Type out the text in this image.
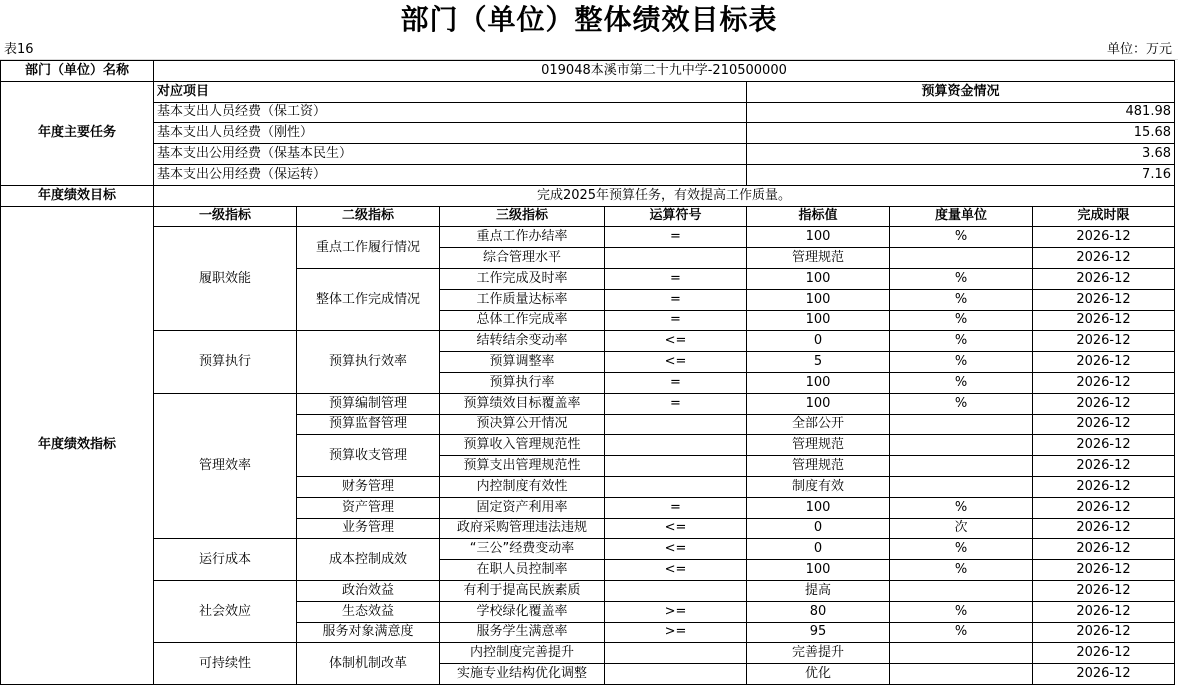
部门（单位）整体绩效目标表
表16	单位：万元
部门（单位）名称	019048本溪市第二十九中学-210500000						
年度主要任务	对应项目				预算资金情况		
	基本支出人员经费（保工资）				481.98		
	基本支出人员经费（刚性）				15.68		
	基本支出公用经费（保基本民生）				3.68		
	基本支出公用经费（保运转）				7.16		
年度绩效目标	完成2025年预算任务，有效提高工作质量。						
年度绩效指标	一级指标	二级指标	三级指标	运算符号	指标值	度量单位	完成时限
	履职效能	重点工作履行情况	重点工作办结率	=	100	%	2026-12
			综合管理水平		管理规范		2026-12
		整体工作完成情况	工作完成及时率	=	100	%	2026-12
			工作质量达标率	=	100	%	2026-12
			总体工作完成率	=	100	%	2026-12
	预算执行	预算执行效率	结转结余变动率	<=	0	%	2026-12
			预算调整率	<=	5	%	2026-12
			预算执行率	=	100	%	2026-12
	管理效率	预算编制管理	预算绩效目标覆盖率	=	100	%	2026-12
		预算监督管理	预决算公开情况		全部公开		2026-12
		预算收支管理	预算收入管理规范性		管理规范		2026-12
			预算支出管理规范性		管理规范		2026-12
		财务管理	内控制度有效性		制度有效		2026-12
		资产管理	固定资产利用率	=	100	%	2026-12
		业务管理	政府采购管理违法违规	<=	0	次	2026-12
	运行成本	成本控制成效	“三公”经费变动率	<=	0	%	2026-12
			在职人员控制率	<=	100	%	2026-12
	社会效应	政治效益	有利于提高民族素质		提高		2026-12
		生态效益	学校绿化覆盖率	>=	80	%	2026-12
		服务对象满意度	服务学生满意率	>=	95	%	2026-12
	可持续性	体制机制改革	内控制度完善提升		完善提升		2026-12
			实施专业结构优化调整		优化		2026-12
